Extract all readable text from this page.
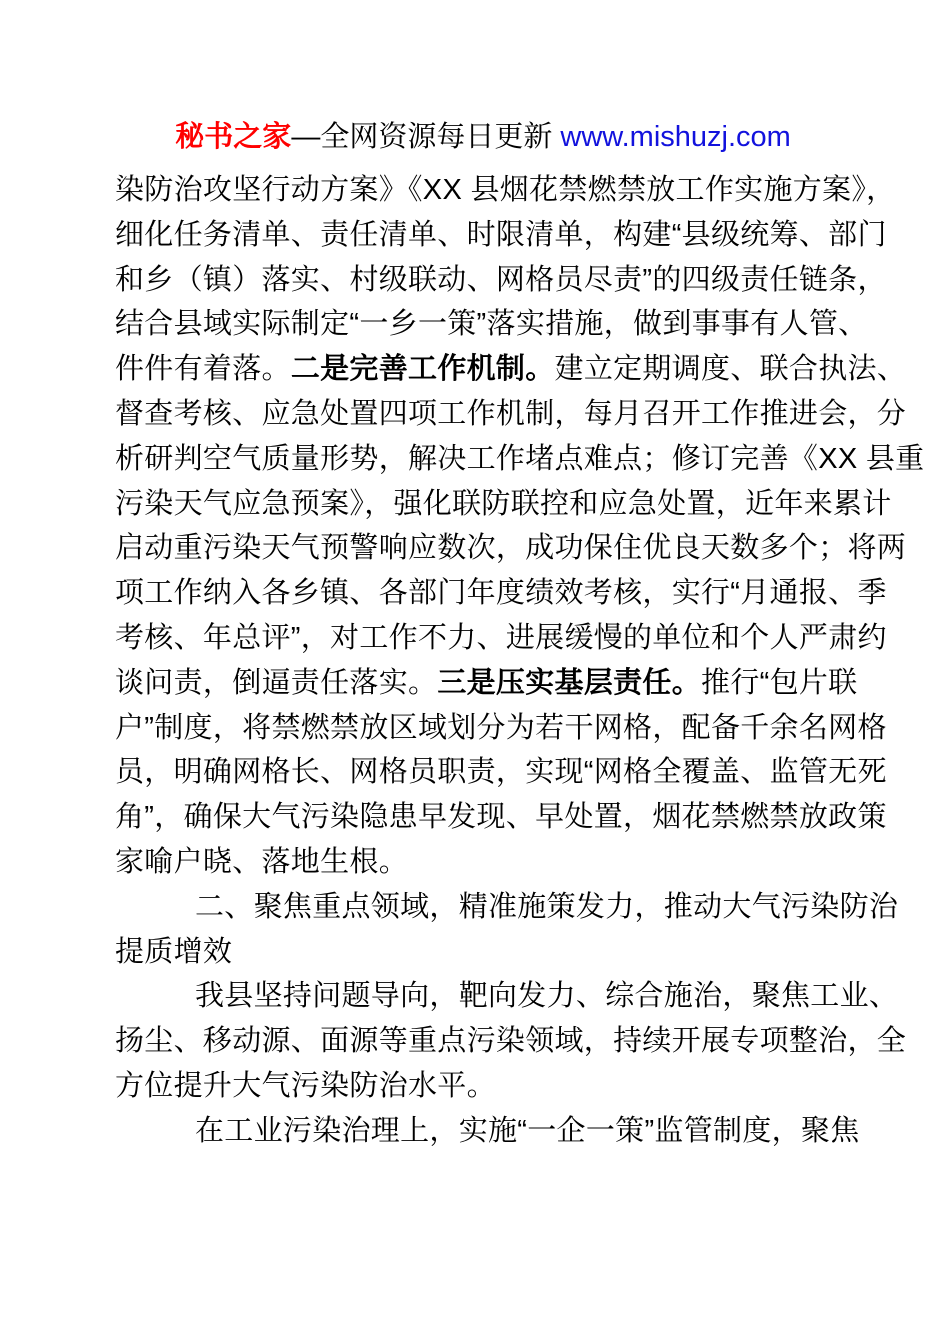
秘书之家—全网资源每日更新 www.mishuzj.com

染防治攻坚行动方案》《XX 县烟花禁燃禁放工作实施方案》，
细化任务清单、责任清单、时限清单，构建“县级统筹、部门
和乡（镇）落实、村级联动、网格员尽责”的四级责任链条，
结合县域实际制定“一乡一策”落实措施，做到事事有人管、
件件有着落。二是完善工作机制。建立定期调度、联合执法、
督查考核、应急处置四项工作机制，每月召开工作推进会，分
析研判空气质量形势，解决工作堵点难点；修订完善《XX 县重
污染天气应急预案》，强化联防联控和应急处置，近年来累计
启动重污染天气预警响应数次，成功保住优良天数多个；将两
项工作纳入各乡镇、各部门年度绩效考核，实行“月通报、季
考核、年总评”，对工作不力、进展缓慢的单位和个人严肃约
谈问责，倒逼责任落实。三是压实基层责任。推行“包片联
户”制度，将禁燃禁放区域划分为若干网格，配备千余名网格
员，明确网格长、网格员职责，实现“网格全覆盖、监管无死
角”，确保大气污染隐患早发现、早处置，烟花禁燃禁放政策
家喻户晓、落地生根。
二、聚焦重点领域，精准施策发力，推动大气污染防治
提质增效
我县坚持问题导向，靶向发力、综合施治，聚焦工业、
扬尘、移动源、面源等重点污染领域，持续开展专项整治，全
方位提升大气污染防治水平。
在工业污染治理上，实施“一企一策”监管制度，聚焦
